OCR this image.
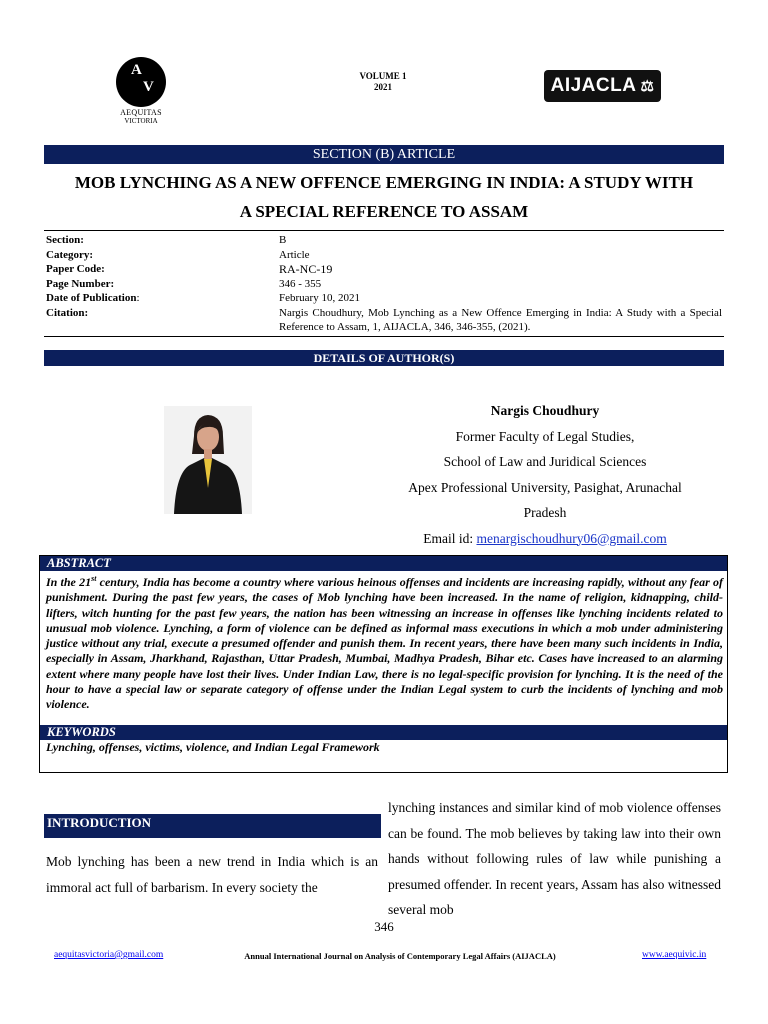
A
V
AEQUITAS
VICTORIA
VOLUME 1
2021	AIJACLA ⚖
SECTION (B) ARTICLE
MOB LYNCHING AS A NEW OFFENCE EMERGING IN INDIA: A STUDY WITH
A SPECIAL REFERENCE TO ASSAM
Section:	B
Category:	Article
Paper Code:	RA-NC-19
Page Number:	346 - 355
Date of Publication:	February 10, 2021
Citation:	Nargis Choudhury, Mob Lynching as a New Offence Emerging in India: A Study with a Special Reference to Assam, 1, AIJACLA, 346, 346-355, (2021).
DETAILS OF AUTHOR(S)
Nargis Choudhury
Former Faculty of Legal Studies,
School of Law and Juridical Sciences
Apex Professional University, Pasighat, Arunachal
Pradesh
Email id: menargischoudhury06@gmail.com
ABSTRACT
In the 21st century, India has become a country where various heinous offenses and incidents are increasing rapidly, without any fear of punishment. During the past few years, the cases of Mob lynching have been increased. In the name of religion, kidnapping, child-lifters, witch hunting for the past few years, the nation has been witnessing an increase in offenses like lynching incidents related to unusual mob violence. Lynching, a form of violence can be defined as informal mass executions in which a mob under administering justice without any trial, execute a presumed offender and punish them. In recent years, there have been many such incidents in India, especially in Assam, Jharkhand, Rajasthan, Uttar Pradesh, Mumbai, Madhya Pradesh, Bihar etc. Cases have increased to an alarming extent where many people have lost their lives. Under Indian Law, there is no legal-specific provision for lynching. It is the need of the hour to have a special law or separate category of offense under the Indian Legal system to curb the incidents of lynching and mob violence.
KEYWORDS
Lynching, offenses, victims, violence, and Indian Legal Framework
INTRODUCTION
Mob lynching has been a new trend in India which is an immoral act full of barbarism. In every society the
lynching instances and similar kind of mob violence offenses can be found. The mob believes by taking law into their own hands without following rules of law while punishing a presumed offender. In recent years, Assam has also witnessed several mob
346
aequitasvictoria@gmail.com	Annual International Journal on Analysis of Contemporary Legal Affairs (AIJACLA)	www.aequivic.in
